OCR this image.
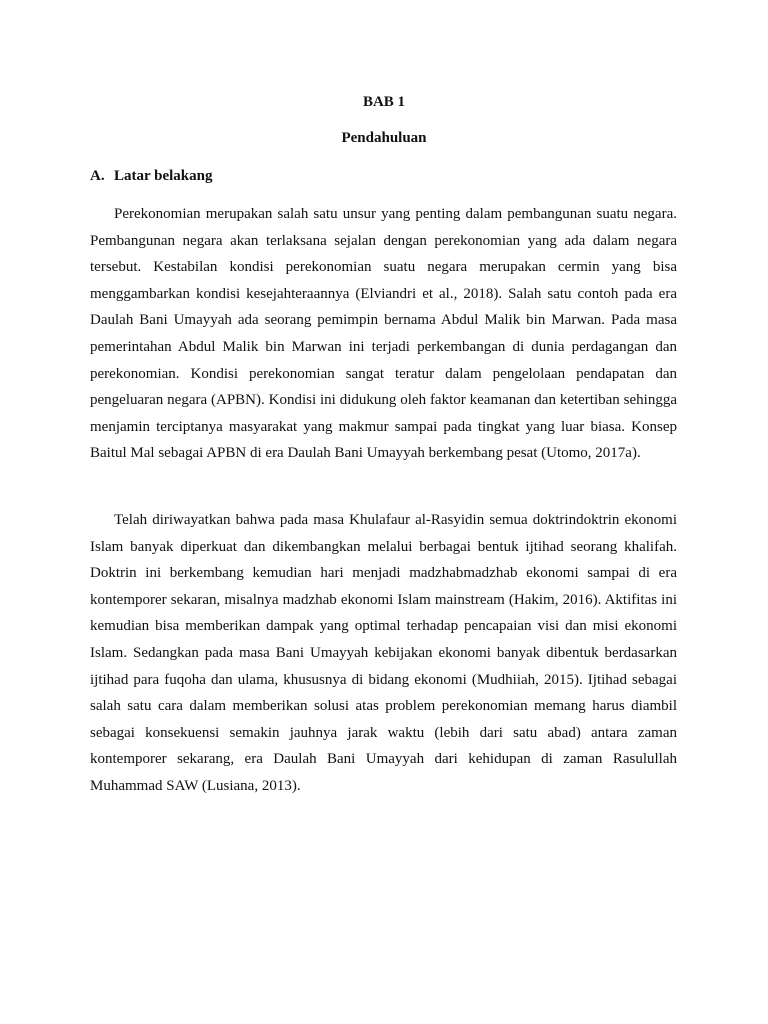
BAB 1
Pendahuluan
A. Latar belakang

Perekonomian merupakan salah satu unsur yang penting dalam pembangunan suatu negara. Pembangunan negara akan terlaksana sejalan dengan perekonomian yang ada dalam negara tersebut. Kestabilan kondisi perekonomian suatu negara merupakan cermin yang bisa menggambarkan kondisi kesejahteraannya (Elviandri et al., 2018). Salah satu contoh pada era Daulah Bani Umayyah ada seorang pemimpin bernama Abdul Malik bin Marwan. Pada masa pemerintahan Abdul Malik bin Marwan ini terjadi perkembangan di dunia perdagangan dan perekonomian. Kondisi perekonomian sangat teratur dalam pengelolaan pendapatan dan pengeluaran negara (APBN). Kondisi ini didukung oleh faktor keamanan dan ketertiban sehingga menjamin terciptanya masyarakat yang makmur sampai pada tingkat yang luar biasa. Konsep Baitul Mal sebagai APBN di era Daulah Bani Umayyah berkembang pesat (Utomo, 2017a).

Telah diriwayatkan bahwa pada masa Khulafaur al-Rasyidin semua doktrindoktrin ekonomi Islam banyak diperkuat dan dikembangkan melalui berbagai bentuk ijtihad seorang khalifah. Doktrin ini berkembang kemudian hari menjadi madzhabmadzhab ekonomi sampai di era kontemporer sekaran, misalnya madzhab ekonomi Islam mainstream (Hakim, 2016). Aktifitas ini kemudian bisa memberikan dampak yang optimal terhadap pencapaian visi dan misi ekonomi Islam. Sedangkan pada masa Bani Umayyah kebijakan ekonomi banyak dibentuk berdasarkan ijtihad para fuqoha dan ulama, khususnya di bidang ekonomi (Mudhiiah, 2015). Ijtihad sebagai salah satu cara dalam memberikan solusi atas problem perekonomian memang harus diambil sebagai konsekuensi semakin jauhnya jarak waktu (lebih dari satu abad) antara zaman kontemporer sekarang, era Daulah Bani Umayyah dari kehidupan di zaman Rasulullah Muhammad SAW (Lusiana, 2013).
